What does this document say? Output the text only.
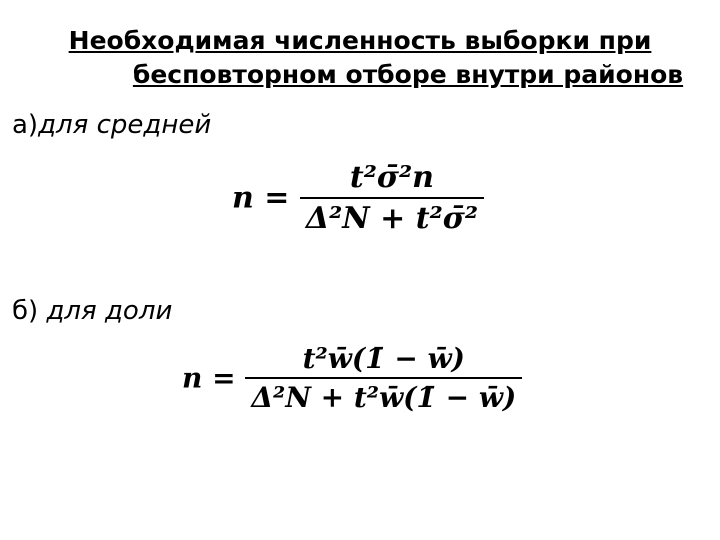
Необходимая численность выборки при
бесповторном отборе внутри районов
а)для средней
$n = \frac{\text{t²σ̄²n}}{\text{Δ²N + t²σ̄²}}$
б) для доли
$n = \frac{\text{t²w̄(1̄ − w̄)}}{\text{Δ²N + t²w̄(1̄ − w̄)}}$
